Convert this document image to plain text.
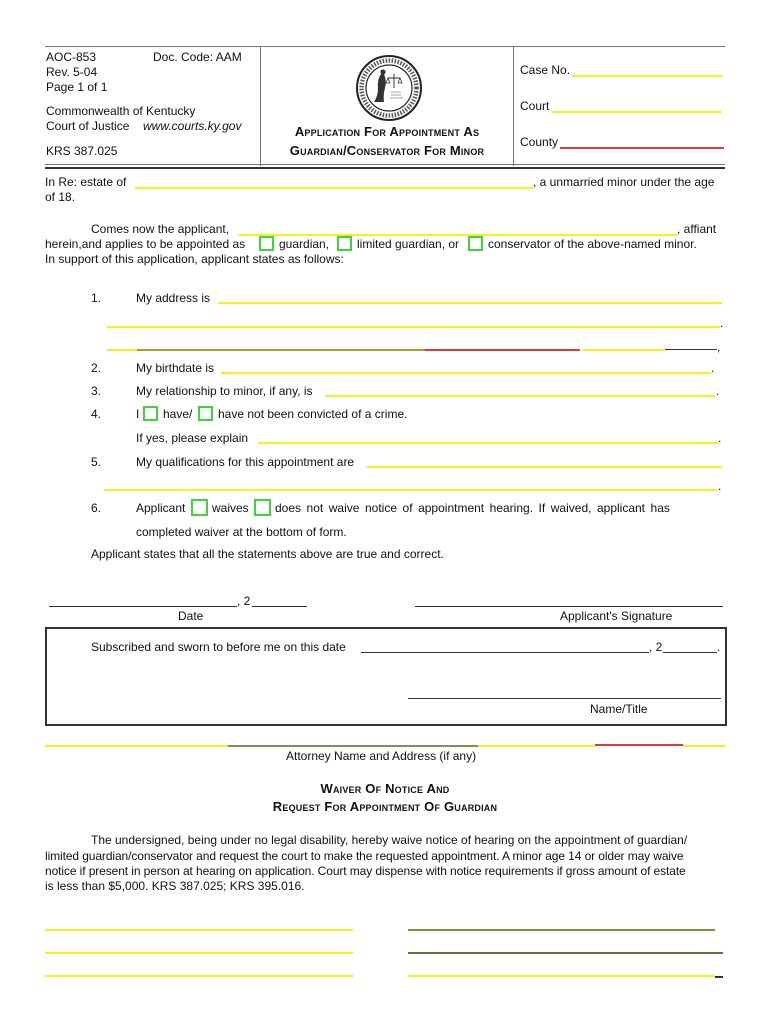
AOC-853	Doc. Code: AAM
Rev. 5-04
Page 1 of 1
Commonwealth of Kentucky
Court of Justice www.courts.ky.gov
KRS 387.025
Application For Appointment As
Guardian/Conservator For Minor
Case No.
Court
County
In Re: estate of	, a unmarried minor under the age
of 18.
Comes now the applicant,	, affiant
herein,and applies to be appointed as	guardian, limited guardian, or conservator of the above-named minor.
In support of this application, applicant states as follows:
1.	My address is
.
,
2.	My birthdate is	.
3.	My relationship to minor, if any, is	.
4.	I have/ have not been convicted of a crime.
If yes, please explain	.
5.	My qualifications for this appointment are
.
6.	Applicant waives does not waive notice of appointment hearing. If waived, applicant has
completed waiver at the bottom of form.
Applicant states that all the statements above are true and correct.
, 2
Date	Applicant's Signature
Subscribed and sworn to before me on this date	, 2	.
Name/Title
Attorney Name and Address (if any)
Waiver Of Notice And
Request For Appointment Of Guardian
The undersigned, being under no legal disability, hereby waive notice of hearing on the appointment of guardian/
limited guardian/conservator and request the court to make the requested appointment. A minor age 14 or older may waive
notice if present in person at hearing on application. Court may dispense with notice requirements if gross amount of estate
is less than $5,000. KRS 387.025; KRS 395.016.
